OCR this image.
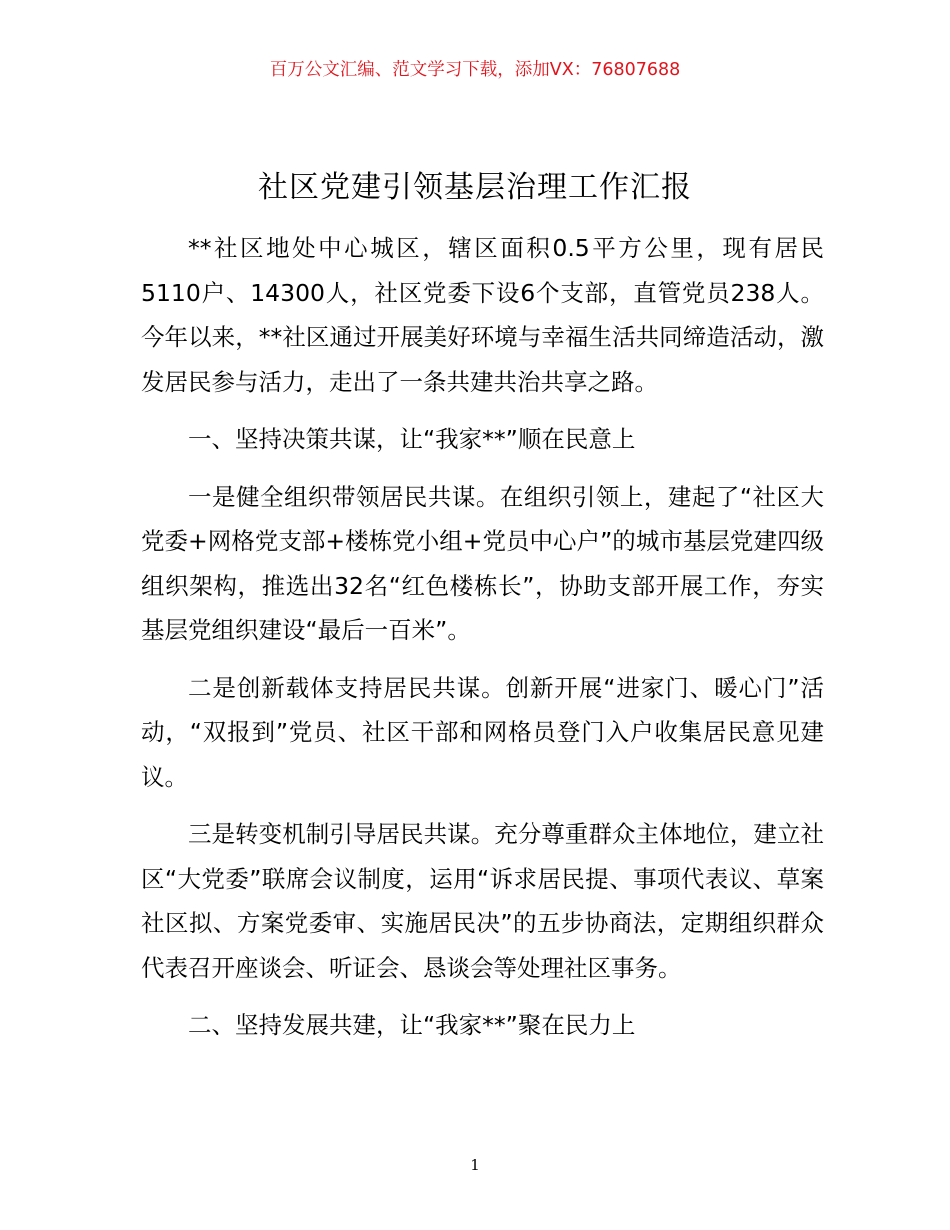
百万公文汇编、范文学习下载，添加VX：76807688
社区党建引领基层治理工作汇报

**社区地处中心城区，辖区面积0.5平方公里，现有居民5110户、14300人，社区党委下设6个支部，直管党员238人。今年以来，**社区通过开展美好环境与幸福生活共同缔造活动，激发居民参与活力，走出了一条共建共治共享之路。

一、坚持决策共谋，让“我家**”顺在民意上

一是健全组织带领居民共谋。在组织引领上，建起了“社区大党委+网格党支部+楼栋党小组+党员中心户”的城市基层党建四级组织架构，推选出32名“红色楼栋长”，协助支部开展工作，夯实基层党组织建设“最后一百米”。

二是创新载体支持居民共谋。创新开展“进家门、暖心门”活动，“双报到”党员、社区干部和网格员登门入户收集居民意见建议。

三是转变机制引导居民共谋。充分尊重群众主体地位，建立社区“大党委”联席会议制度，运用“诉求居民提、事项代表议、草案社区拟、方案党委审、实施居民决”的五步协商法，定期组织群众代表召开座谈会、听证会、恳谈会等处理社区事务。

二、坚持发展共建，让“我家**”聚在民力上

1
